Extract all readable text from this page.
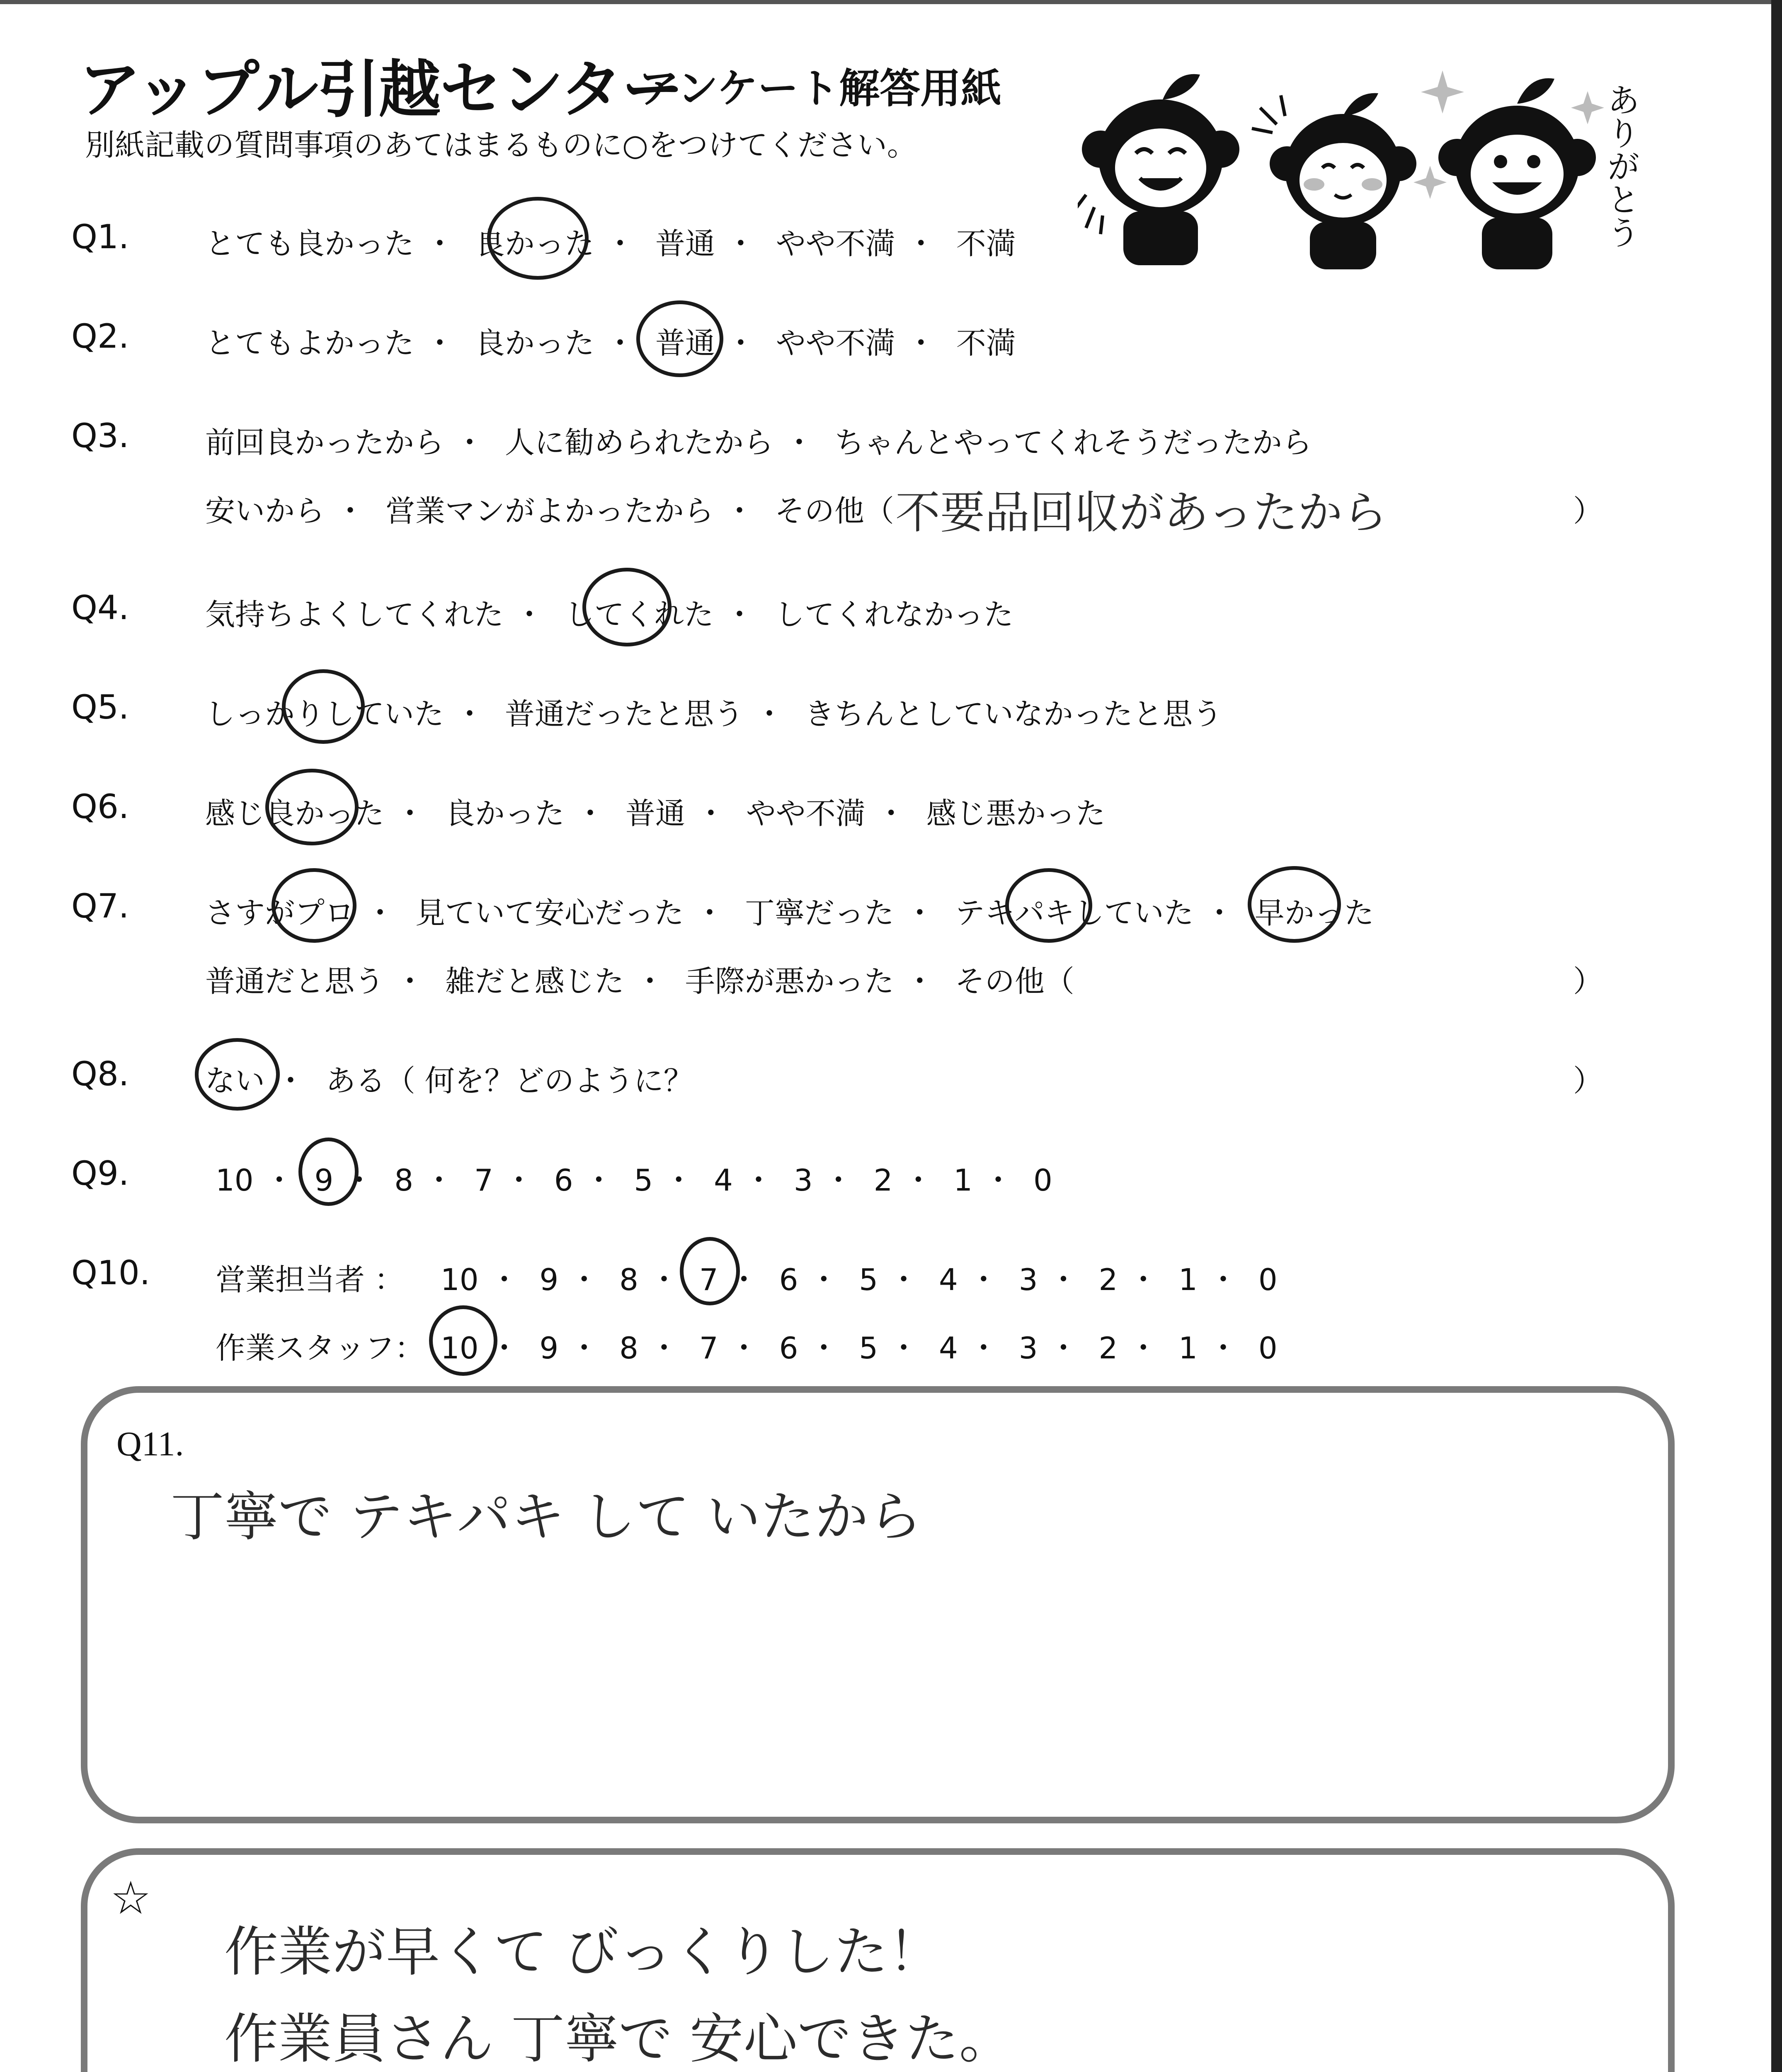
アップル引越センター
アンケート解答用紙
別紙記載の質問事項のあてはまるものに○をつけてください。	ありがとう
Q1.	とても良かった ・ 良かった ・ 普通 ・ やや不満 ・ 不満
Q2.	とてもよかった ・ 良かった ・ 普通 ・ やや不満 ・ 不満
Q3.	前回良かったから ・ 人に勧められたから ・ ちゃんとやってくれそうだったから
安いから ・ 営業マンがよかったから ・ その他（	）
不要品回収があったから
Q4.	気持ちよくしてくれた ・ してくれた ・ してくれなかった
Q5.	しっかりしていた ・ 普通だったと思う ・ きちんとしていなかったと思う
Q6.	感じ良かった ・ 良かった ・ 普通 ・ やや不満 ・ 感じ悪かった
Q7.	さすがプロ ・ 見ていて安心だった ・ 丁寧だった ・ テキパキしていた ・ 早かった
普通だと思う ・ 雑だと感じた ・ 手際が悪かった ・ その他（	）
Q8.	ない ・ ある（ 何を？どのように？	）
Q9.	10 ・ 9 ・ 8 ・ 7 ・ 6 ・ 5 ・ 4 ・ 3 ・ 2 ・ 1 ・ 0
Q10. 営業担当者 ： 10 ・ 9 ・ 8 ・ 7 ・ 6 ・ 5 ・ 4 ・ 3 ・ 2 ・ 1 ・ 0
作業スタッフ： 10 ・ 9 ・ 8 ・ 7 ・ 6 ・ 5 ・ 4 ・ 3 ・ 2 ・ 1 ・ 0
Q11.
丁寧で テキパキ して いたから
☆
作業が早くて びっくりした！
作業員さん 丁寧で 安心できた。
